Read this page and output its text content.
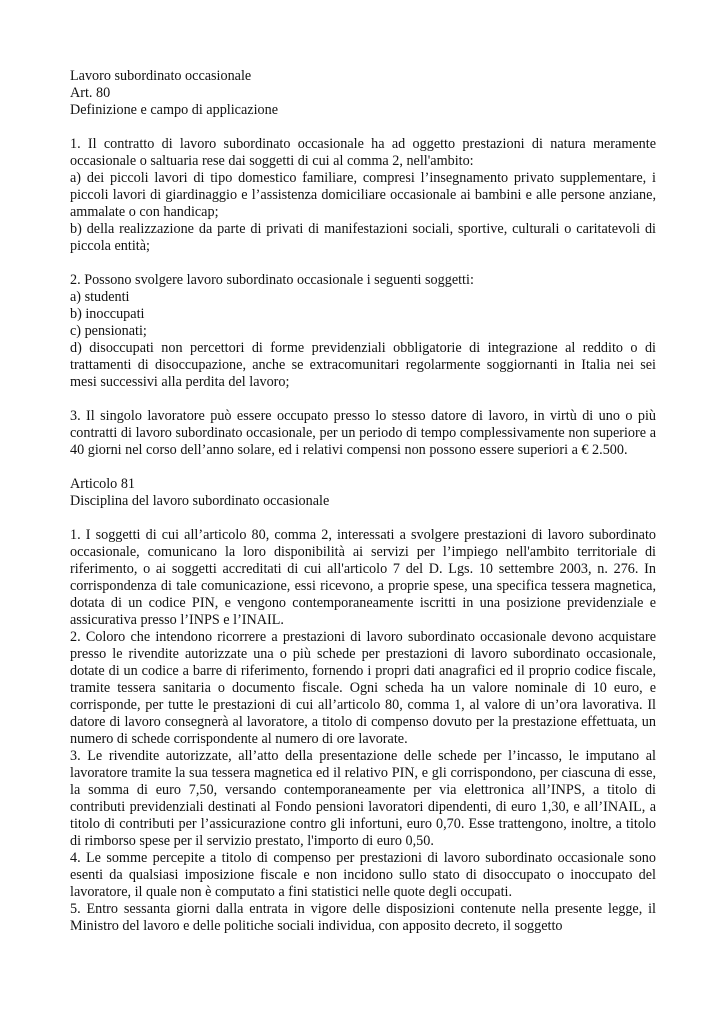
Lavoro subordinato occasionale
Art. 80
Definizione e campo di applicazione
1. Il contratto di lavoro subordinato occasionale ha ad oggetto prestazioni di natura meramente occasionale o saltuaria rese dai soggetti di cui al comma 2, nell'ambito:
a) dei piccoli lavori di tipo domestico familiare, compresi l’insegnamento privato supplementare, i piccoli lavori di giardinaggio e l’assistenza domiciliare occasionale ai bambini e alle persone anziane, ammalate o con handicap;
b) della realizzazione da parte di privati di manifestazioni sociali, sportive, culturali o caritatevoli di piccola entità;
2. Possono svolgere lavoro subordinato occasionale i seguenti soggetti:
a) studenti
b) inoccupati
c) pensionati;
d) disoccupati non percettori di forme previdenziali obbligatorie di integrazione al reddito o di trattamenti di disoccupazione, anche se extracomunitari regolarmente soggiornanti in Italia nei sei mesi successivi alla perdita del lavoro;
3. Il singolo lavoratore può essere occupato presso lo stesso datore di lavoro, in virtù di uno o più contratti di lavoro subordinato occasionale, per un periodo di tempo complessivamente non superiore a 40 giorni nel corso dell’anno solare, ed i relativi compensi non possono essere superiori a € 2.500.
Articolo 81
Disciplina del lavoro subordinato occasionale
1. I soggetti di cui all’articolo 80, comma 2, interessati a svolgere prestazioni di lavoro subordinato occasionale, comunicano la loro disponibilità ai servizi per l’impiego nell'ambito territoriale di riferimento, o ai soggetti accreditati di cui all'articolo 7 del D. Lgs. 10 settembre 2003, n. 276. In corrispondenza di tale comunicazione, essi ricevono, a proprie spese, una specifica tessera magnetica, dotata di un codice PIN, e vengono contemporaneamente iscritti in una posizione previdenziale e assicurativa presso l’INPS e l’INAIL.
2. Coloro che intendono ricorrere a prestazioni di lavoro subordinato occasionale devono acquistare presso le rivendite autorizzate una o più schede per prestazioni di lavoro subordinato occasionale, dotate di un codice a barre di riferimento, fornendo i propri dati anagrafici ed il proprio codice fiscale, tramite tessera sanitaria o documento fiscale. Ogni scheda ha un valore nominale di 10 euro, e corrisponde, per tutte le prestazioni di cui all’articolo 80, comma 1, al valore di un’ora lavorativa. Il datore di lavoro consegnerà al lavoratore, a titolo di compenso dovuto per la prestazione effettuata, un numero di schede corrispondente al numero di ore lavorate.
3. Le rivendite autorizzate, all’atto della presentazione delle schede per l’incasso, le imputano al lavoratore tramite la sua tessera magnetica ed il relativo PIN, e gli corrispondono, per ciascuna di esse, la somma di euro 7,50, versando contemporaneamente per via elettronica all’INPS, a titolo di contributi previdenziali destinati al Fondo pensioni lavoratori dipendenti, di euro 1,30, e all’INAIL, a titolo di contributi per l’assicurazione contro gli infortuni, euro 0,70. Esse trattengono, inoltre, a titolo di rimborso spese per il servizio prestato, l'importo di euro 0,50.
4. Le somme percepite a titolo di compenso per prestazioni di lavoro subordinato occasionale sono esenti da qualsiasi imposizione fiscale e non incidono sullo stato di disoccupato o inoccupato del lavoratore, il quale non è computato a fini statistici nelle quote degli occupati.
5. Entro sessanta giorni dalla entrata in vigore delle disposizioni contenute nella presente legge, il Ministro del lavoro e delle politiche sociali individua, con apposito decreto, il soggetto
